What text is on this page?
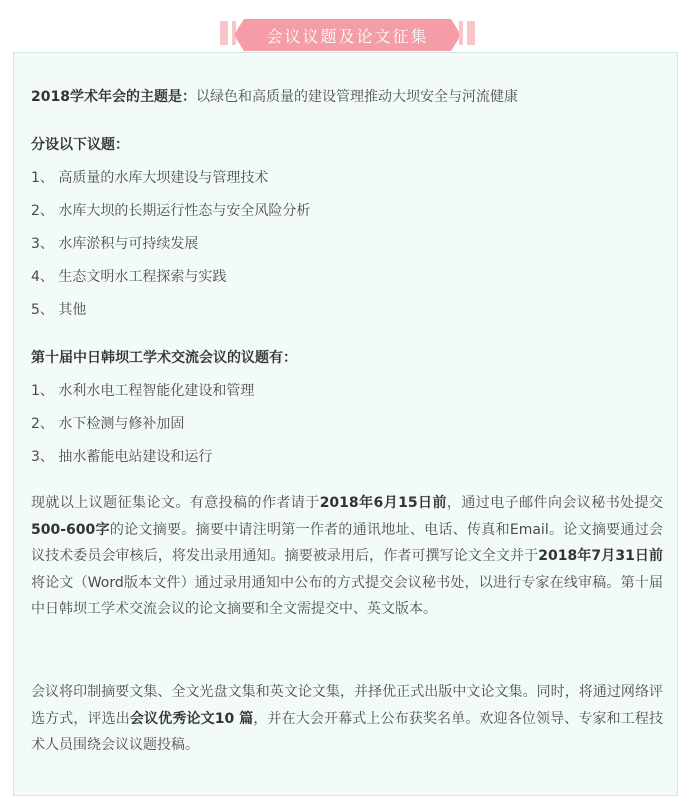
会议议题及论文征集
2018学术年会的主题是：以绿色和高质量的建设管理推动大坝安全与河流健康
分设以下议题：
1、 高质量的水库大坝建设与管理技术
2、 水库大坝的长期运行性态与安全风险分析
3、 水库淤积与可持续发展
4、 生态文明水工程探索与实践
5、 其他
第十届中日韩坝工学术交流会议的议题有：
1、 水利水电工程智能化建设和管理
2、 水下检测与修补加固
3、 抽水蓄能电站建设和运行
现就以上议题征集论文。有意投稿的作者请于2018年6月15日前，通过电子邮件向会议秘书处提交500-600字的论文摘要。摘要中请注明第一作者的通讯地址、电话、传真和Email。论文摘要通过会议技术委员会审核后，将发出录用通知。摘要被录用后，作者可撰写论文全文并于2018年7月31日前将论文（Word版本文件）通过录用通知中公布的方式提交会议秘书处，以进行专家在线审稿。第十届中日韩坝工学术交流会议的论文摘要和全文需提交中、英文版本。
会议将印制摘要文集、全文光盘文集和英文论文集，并择优正式出版中文论文集。同时，将通过网络评选方式，评选出会议优秀论文10 篇，并在大会开幕式上公布获奖名单。欢迎各位领导、专家和工程技术人员围绕会议议题投稿。
